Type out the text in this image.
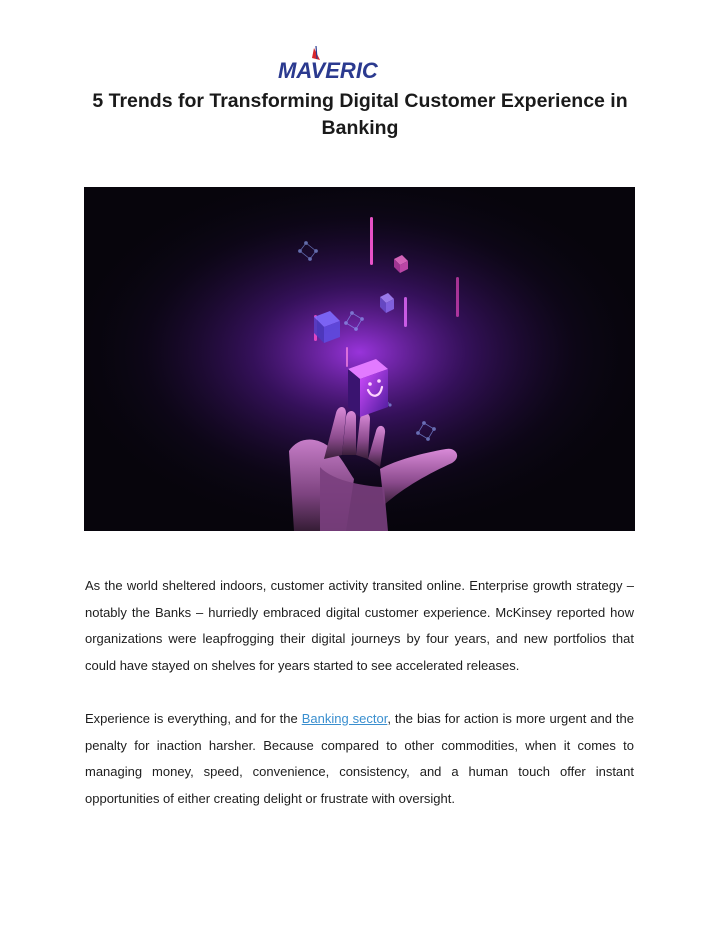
MAVERIC
5 Trends for Transforming Digital Customer Experience in Banking

As the world sheltered indoors, customer activity transited online. Enterprise growth strategy – notably the Banks – hurriedly embraced digital customer experience. McKinsey reported how organizations were leapfrogging their digital journeys by four years, and new portfolios that could have stayed on shelves for years started to see accelerated releases.

Experience is everything, and for the Banking sector, the bias for action is more urgent and the penalty for inaction harsher. Because compared to other commodities, when it comes to managing money, speed, convenience, consistency, and a human touch offer instant opportunities of either creating delight or frustrate with oversight.
